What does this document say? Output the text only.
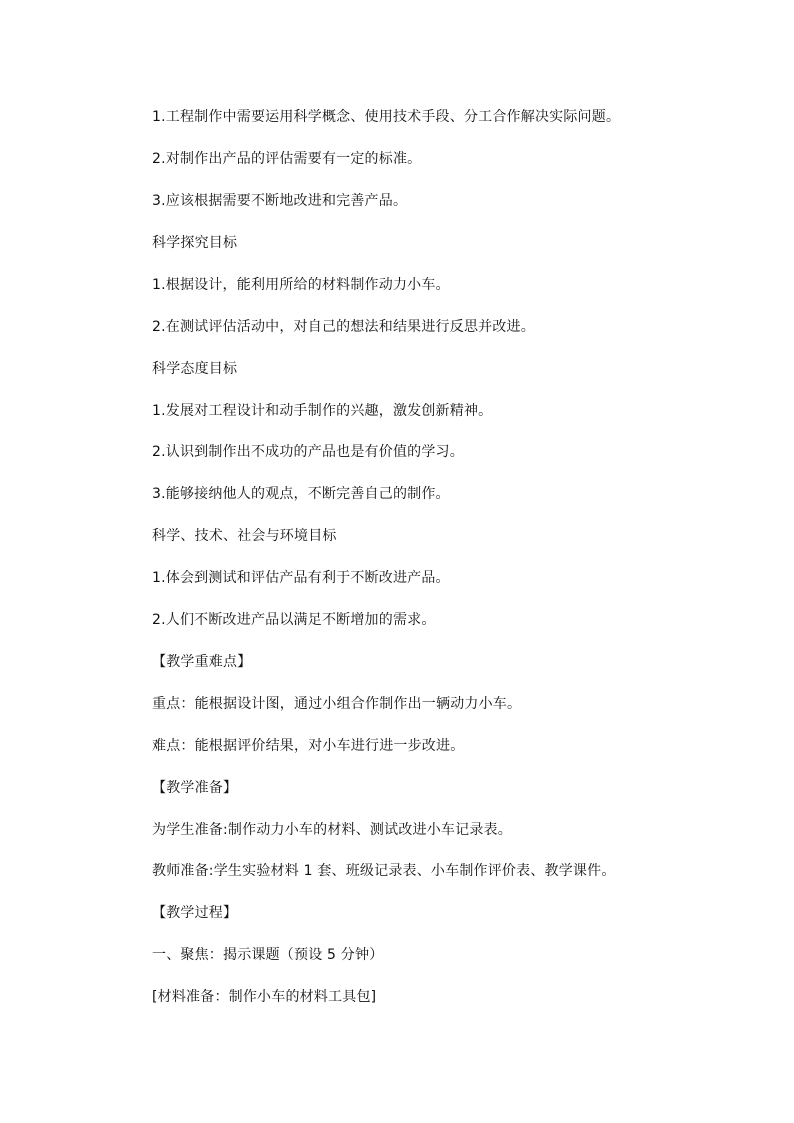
1.工程制作中需要运用科学概念、使用技术手段、分工合作解决实际问题。
2.对制作出产品的评估需要有一定的标准。
3.应该根据需要不断地改进和完善产品。
科学探究目标
1.根据设计，能利用所给的材料制作动力小车。
2.在测试评估活动中，对自己的想法和结果进行反思并改进。
科学态度目标
1.发展对工程设计和动手制作的兴趣，激发创新精神。
2.认识到制作出不成功的产品也是有价值的学习。
3.能够接纳他人的观点，不断完善自己的制作。
科学、技术、社会与环境目标
1.体会到测试和评估产品有利于不断改进产品。
2.人们不断改进产品以满足不断增加的需求。
【教学重难点】
重点：能根据设计图，通过小组合作制作出一辆动力小车。
难点：能根据评价结果，对小车进行进一步改进。
【教学准备】
为学生准备:制作动力小车的材料、测试改进小车记录表。
教师准备:学生实验材料 1 套、班级记录表、小车制作评价表、教学课件。
【教学过程】
一、聚焦：揭示课题（预设 5 分钟）
[材料准备：制作小车的材料工具包]
